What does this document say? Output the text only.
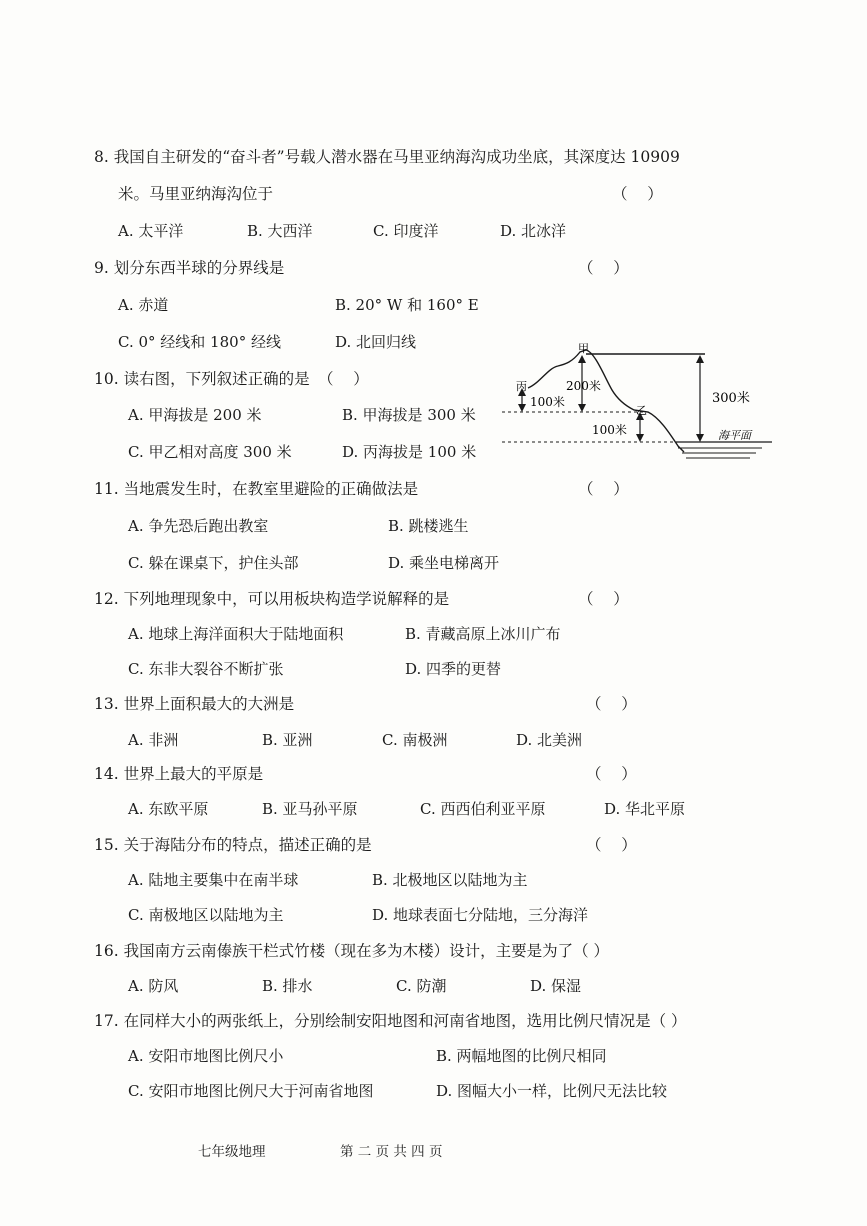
8. 我国自主研发的“奋斗者”号载人潜水器在马里亚纳海沟成功坐底，其深度达 10909
米。马里亚纳海沟位于	（    ）
A. 太平洋	B. 大西洋	C. 印度洋	D. 北冰洋
9. 划分东西半球的分界线是	（    ）
A. 赤道	B. 20° W 和 160° E
C. 0° 经线和 180° 经线	D. 北回归线
10. 读右图，下列叙述正确的是 （    ）
A. 甲海拔是 200 米	B. 甲海拔是 300 米
C. 甲乙相对高度 300 米	D. 丙海拔是 100 米
甲
乙
丙	200米
300米
100米
100米	海平面
11. 当地震发生时，在教室里避险的正确做法是	（    ）
A. 争先恐后跑出教室	B. 跳楼逃生
C. 躲在课桌下，护住头部	D. 乘坐电梯离开
12. 下列地理现象中，可以用板块构造学说解释的是	（    ）
A. 地球上海洋面积大于陆地面积	B. 青藏高原上冰川广布
C. 东非大裂谷不断扩张	D. 四季的更替
13. 世界上面积最大的大洲是	（    ）
A. 非洲	B. 亚洲	C. 南极洲	D. 北美洲
14. 世界上最大的平原是	（    ）
A. 东欧平原	B. 亚马孙平原	C. 西西伯利亚平原	D. 华北平原
15. 关于海陆分布的特点，描述正确的是	（    ）
A. 陆地主要集中在南半球	B. 北极地区以陆地为主
C. 南极地区以陆地为主	D. 地球表面七分陆地，三分海洋
16. 我国南方云南傣族干栏式竹楼（现在多为木楼）设计，主要是为了（ ）
A. 防风	B. 排水	C. 防潮	D. 保湿
17. 在同样大小的两张纸上，分别绘制安阳地图和河南省地图，选用比例尺情况是（ ）
A. 安阳市地图比例尺小	B. 两幅地图的比例尺相同
C. 安阳市地图比例尺大于河南省地图	D. 图幅大小一样，比例尺无法比较
七年级地理	第 二 页 共 四 页
